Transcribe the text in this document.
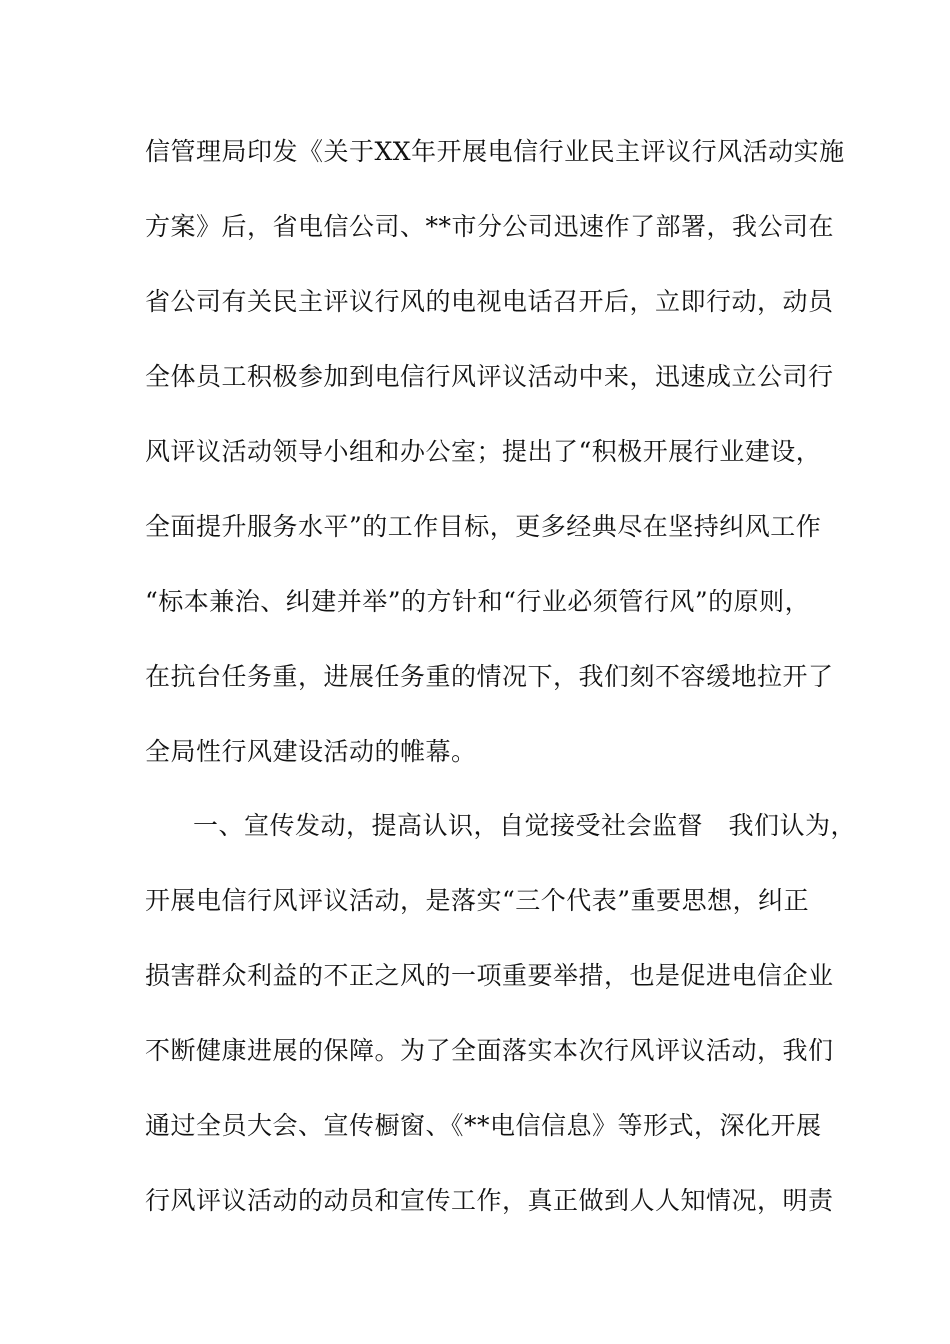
信管理局印发《关于XX年开展电信行业民主评议行风活动实施
方案》后，省电信公司、**市分公司迅速作了部署，我公司在
省公司有关民主评议行风的电视电话召开后，立即行动，动员
全体员工积极参加到电信行风评议活动中来，迅速成立公司行
风评议活动领导小组和办公室；提出了“积极开展行业建设，
全面提升服务水平”的工作目标，更多经典尽在坚持纠风工作
“标本兼治、纠建并举”的方针和“行业必须管行风”的原则，
在抗台任务重，进展任务重的情况下，我们刻不容缓地拉开了
全局性行风建设活动的帷幕。
一、宣传发动，提高认识，自觉接受社会监督　我们认为，
开展电信行风评议活动，是落实“三个代表”重要思想，纠正
损害群众利益的不正之风的一项重要举措，也是促进电信企业
不断健康进展的保障。为了全面落实本次行风评议活动，我们
通过全员大会、宣传橱窗、《**电信信息》等形式，深化开展
行风评议活动的动员和宣传工作，真正做到人人知情况，明责
